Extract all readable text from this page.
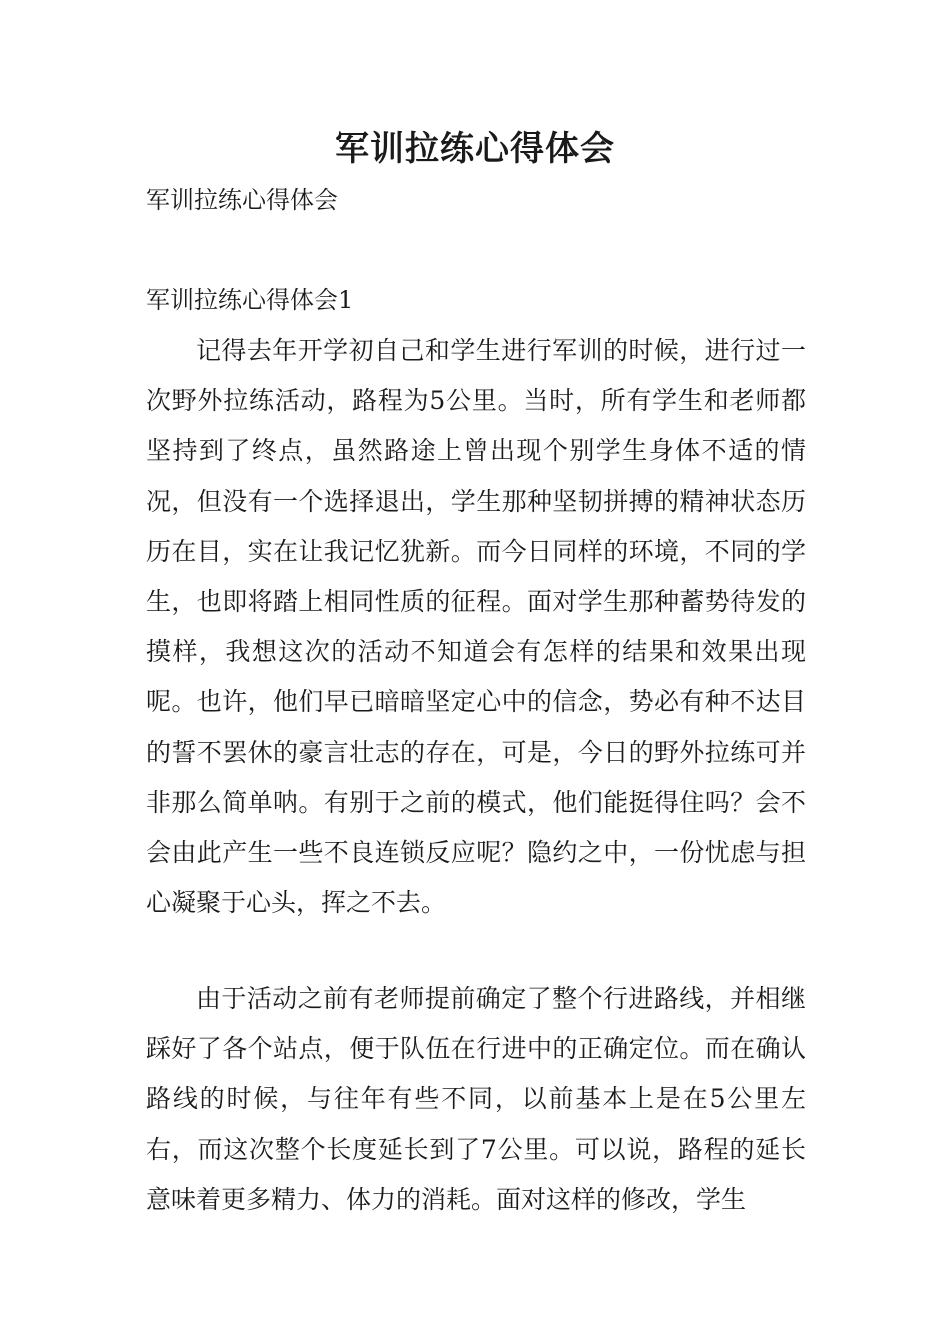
军训拉练心得体会

军训拉练心得体会

军训拉练心得体会1

记得去年开学初自己和学生进行军训的时候，进行过一次野外拉练活动，路程为5公里。当时，所有学生和老师都坚持到了终点，虽然路途上曾出现个别学生身体不适的情况，但没有一个选择退出，学生那种坚韧拼搏的精神状态历历在目，实在让我记忆犹新。而今日同样的环境，不同的学生，也即将踏上相同性质的征程。面对学生那种蓄势待发的摸样，我想这次的活动不知道会有怎样的结果和效果出现呢。也许，他们早已暗暗坚定心中的信念，势必有种不达目的誓不罢休的豪言壮志的存在，可是，今日的野外拉练可并非那么简单呐。有别于之前的模式，他们能挺得住吗？会不会由此产生一些不良连锁反应呢？隐约之中，一份忧虑与担心凝聚于心头，挥之不去。

由于活动之前有老师提前确定了整个行进路线，并相继踩好了各个站点，便于队伍在行进中的正确定位。而在确认路线的时候，与往年有些不同，以前基本上是在5公里左右，而这次整个长度延长到了7公里。可以说，路程的延长意味着更多精力、体力的消耗。面对这样的修改，学生
